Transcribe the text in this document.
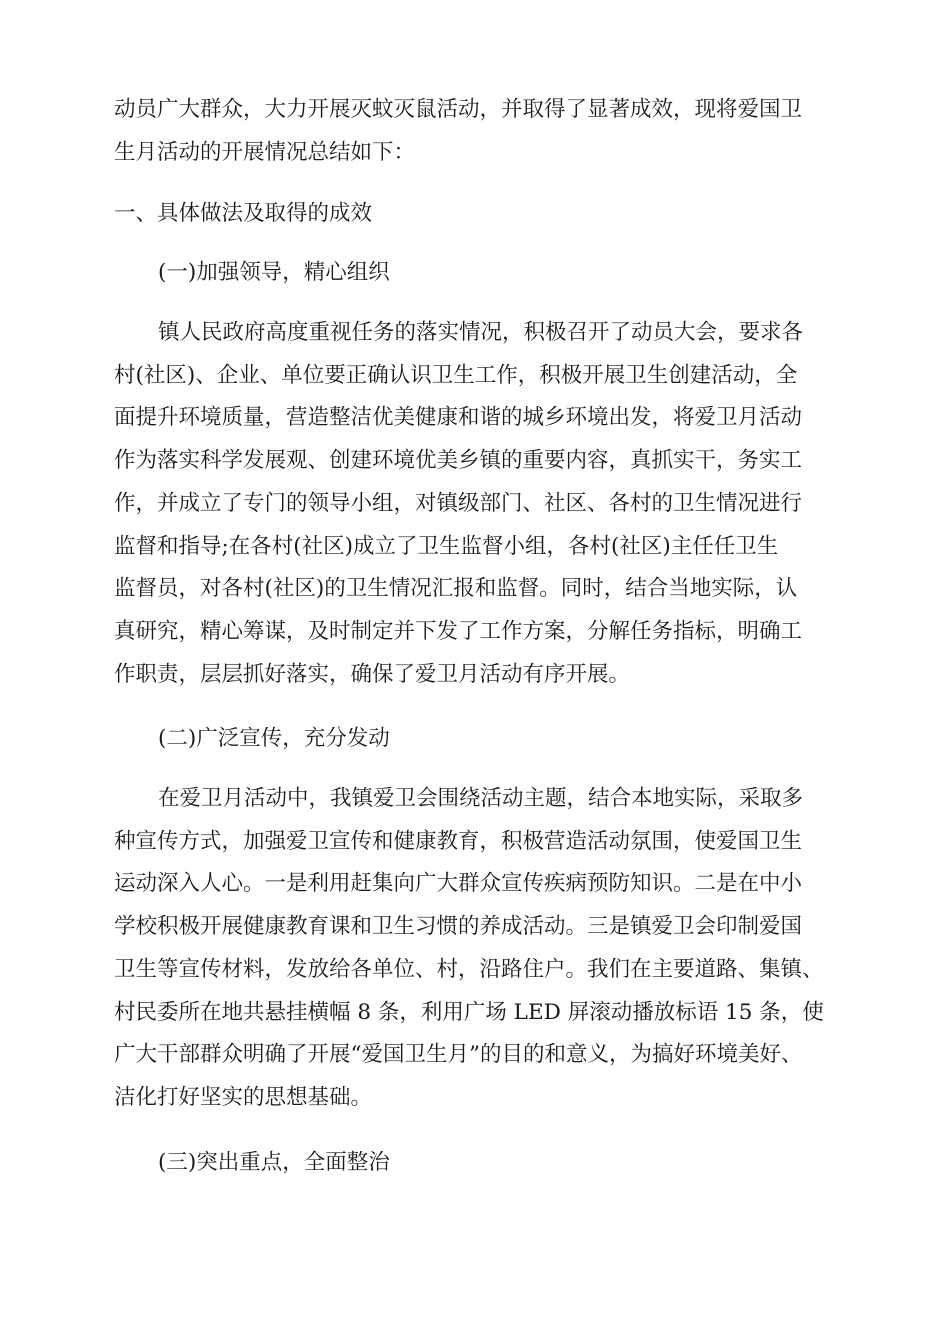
动员广大群众，大力开展灭蚊灭鼠活动，并取得了显著成效，现将爱国卫
生月活动的开展情况总结如下：

一、具体做法及取得的成效

(一)加强领导，精心组织

镇人民政府高度重视任务的落实情况，积极召开了动员大会，要求各
村(社区)、企业、单位要正确认识卫生工作，积极开展卫生创建活动，全
面提升环境质量，营造整洁优美健康和谐的城乡环境出发，将爱卫月活动
作为落实科学发展观、创建环境优美乡镇的重要内容，真抓实干，务实工
作，并成立了专门的领导小组，对镇级部门、社区、各村的卫生情况进行
监督和指导;在各村(社区)成立了卫生监督小组，各村(社区)主任任卫生
监督员，对各村(社区)的卫生情况汇报和监督。同时，结合当地实际，认
真研究，精心筹谋，及时制定并下发了工作方案，分解任务指标，明确工
作职责，层层抓好落实，确保了爱卫月活动有序开展。

(二)广泛宣传，充分发动

在爱卫月活动中，我镇爱卫会围绕活动主题，结合本地实际，采取多
种宣传方式，加强爱卫宣传和健康教育，积极营造活动氛围，使爱国卫生
运动深入人心。一是利用赶集向广大群众宣传疾病预防知识。二是在中小
学校积极开展健康教育课和卫生习惯的养成活动。三是镇爱卫会印制爱国
卫生等宣传材料，发放给各单位、村，沿路住户。我们在主要道路、集镇、
村民委所在地共悬挂横幅 8 条，利用广场 LED 屏滚动播放标语 15 条，使
广大干部群众明确了开展“爱国卫生月”的目的和意义，为搞好环境美好、
洁化打好坚实的思想基础。

(三)突出重点，全面整治
